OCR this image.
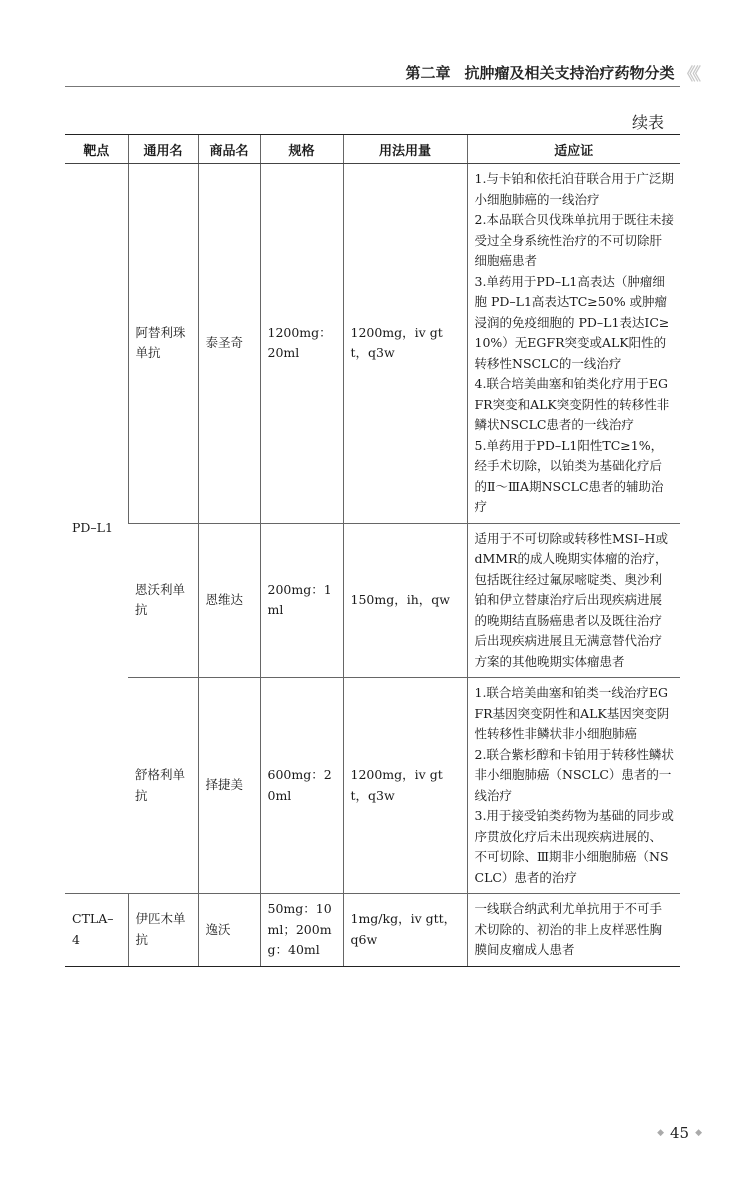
第二章 抗肿瘤及相关支持治疗药物分类 《《
续表
靶点	通用名	商品名	规格	用法用量	适应证
PD–L1	阿替利珠单抗	泰圣奇	1200mg：20ml	1200mg，iv gtt，q3w	1.与卡铂和依托泊苷联合用于广泛期小细胞肺癌的一线治疗
2.本品联合贝伐珠单抗用于既往未接受过全身系统性治疗的不可切除肝细胞癌患者
3.单药用于PD–L1高表达（肿瘤细胞 PD–L1高表达TC≥50% 或肿瘤浸润的免疫细胞的 PD–L1表达IC≥10%）无EGFR突变或ALK阳性的转移性NSCLC的一线治疗
4.联合培美曲塞和铂类化疗用于EGFR突变和ALK突变阴性的转移性非鳞状NSCLC患者的一线治疗
5.单药用于PD–L1阳性TC≥1%，经手术切除，以铂类为基础化疗后的Ⅱ～ⅢA期NSCLC患者的辅助治疗
	恩沃利单抗	恩维达	200mg：1ml	150mg，ih，qw	适用于不可切除或转移性MSI–H或dMMR的成人晚期实体瘤的治疗，包括既往经过氟尿嘧啶类、奥沙利铂和伊立替康治疗后出现疾病进展的晚期结直肠癌患者以及既往治疗后出现疾病进展且无满意替代治疗方案的其他晚期实体瘤患者
	舒格利单抗	择捷美	600mg：20ml	1200mg，iv gtt，q3w	1.联合培美曲塞和铂类一线治疗EGFR基因突变阴性和ALK基因突变阴性转移性非鳞状非小细胞肺癌
2.联合紫杉醇和卡铂用于转移性鳞状非小细胞肺癌（NSCLC）患者的一线治疗
3.用于接受铂类药物为基础的同步或序贯放化疗后未出现疾病进展的、不可切除、Ⅲ期非小细胞肺癌（NSCLC）患者的治疗
CTLA–4	伊匹木单抗	逸沃	50mg：10ml；200mg：40ml	1mg/kg，iv gtt，q6w	一线联合纳武利尤单抗用于不可手术切除的、初治的非上皮样恶性胸膜间皮瘤成人患者
◆ 45 ◆
